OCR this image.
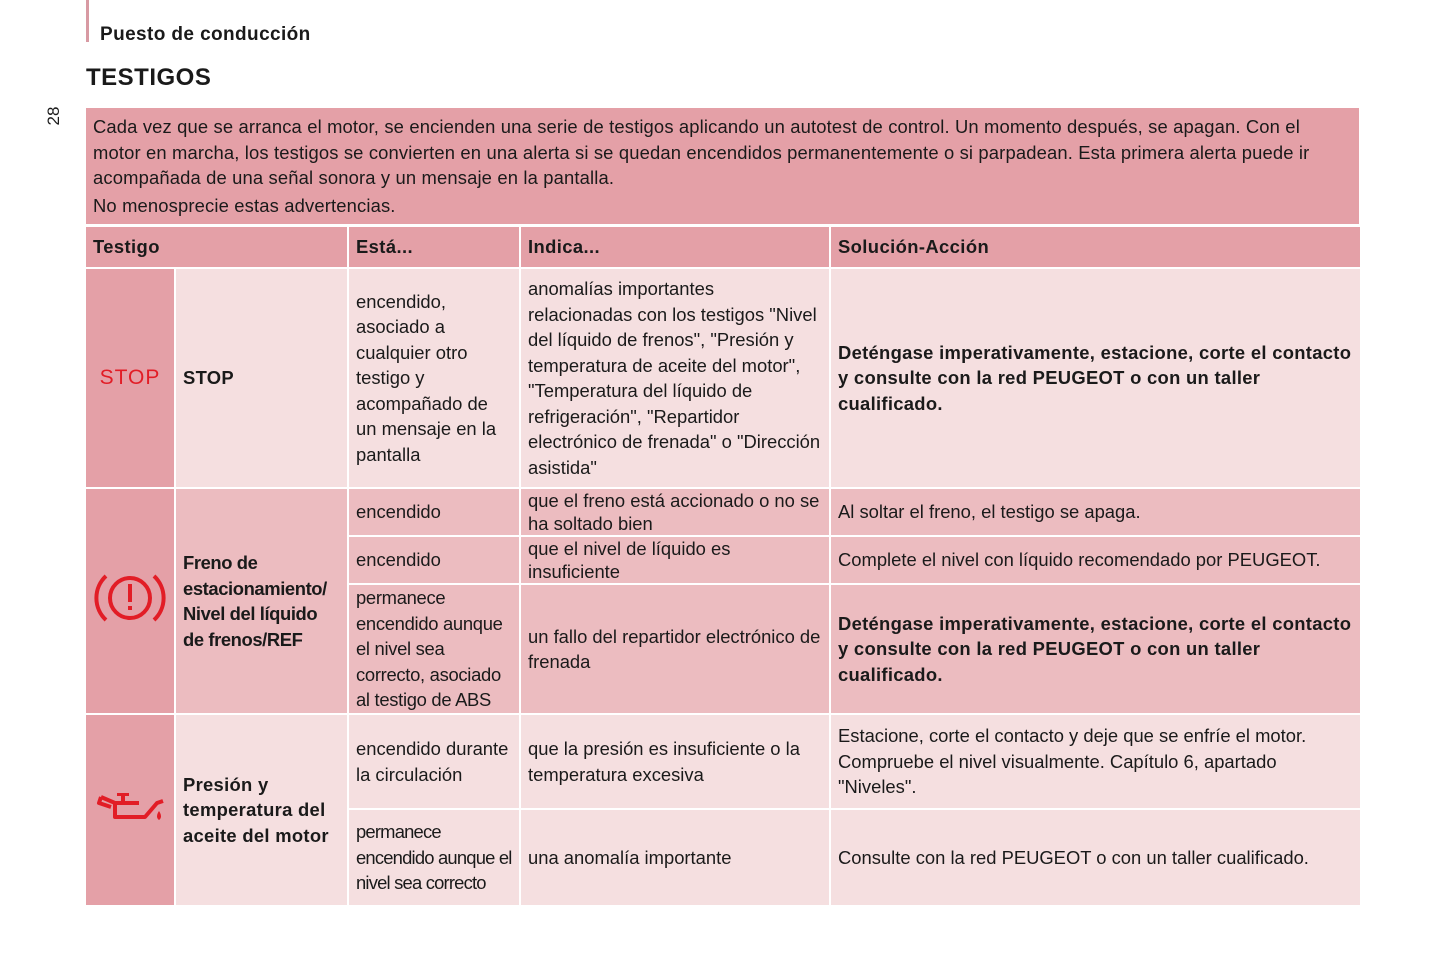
Puesto de conducción
28
TESTIGOS

Cada vez que se arranca el motor, se encienden una serie de testigos aplicando un autotest de control. Un momento después, se apagan. Con el motor en marcha, los testigos se convierten en una alerta si se quedan encendidos permanentemente o si parpadean. Esta primera alerta puede ir acompañada de una señal sonora y un mensaje en la pantalla.

No menosprecie estas advertencias.

Testigo		Está...	Indica...	Solución-Acción
STOP	STOP	encendido, asociado a cualquier otro testigo y acompañado de un mensaje en la pantalla	anomalías importantes relacionadas con los testigos "Nivel del líquido de frenos", "Presión y temperatura de aceite del motor", "Temperatura del líquido de refrigeración", "Repartidor electrónico de frenada" o "Dirección asistida"	Deténgase imperativamente, estacione, corte el contacto y consulte con la red PEUGEOT o con un taller cualificado.
	Freno de estacionamiento/ Nivel del líquido de frenos/REF	encendido	que el freno está accionado o no se ha soltado bien	Al soltar el freno, el testigo se apaga.
		encendido	que el nivel de líquido es insuficiente	Complete el nivel con líquido recomendado por PEUGEOT.
		permanece encendido aunque el nivel sea correcto, asociado al testigo de ABS	un fallo del repartidor electrónico de frenada	Deténgase imperativamente, estacione, corte el contacto y consulte con la red PEUGEOT o con un taller cualificado.
	Presión y temperatura del aceite del motor	encendido durante la circulación	que la presión es insuficiente o la temperatura excesiva	Estacione, corte el contacto y deje que se enfríe el motor. Compruebe el nivel visualmente. Capítulo 6, apartado "Niveles".
		permanece encendido aunque el nivel sea correcto	una anomalía importante	Consulte con la red PEUGEOT o con un taller cualificado.
